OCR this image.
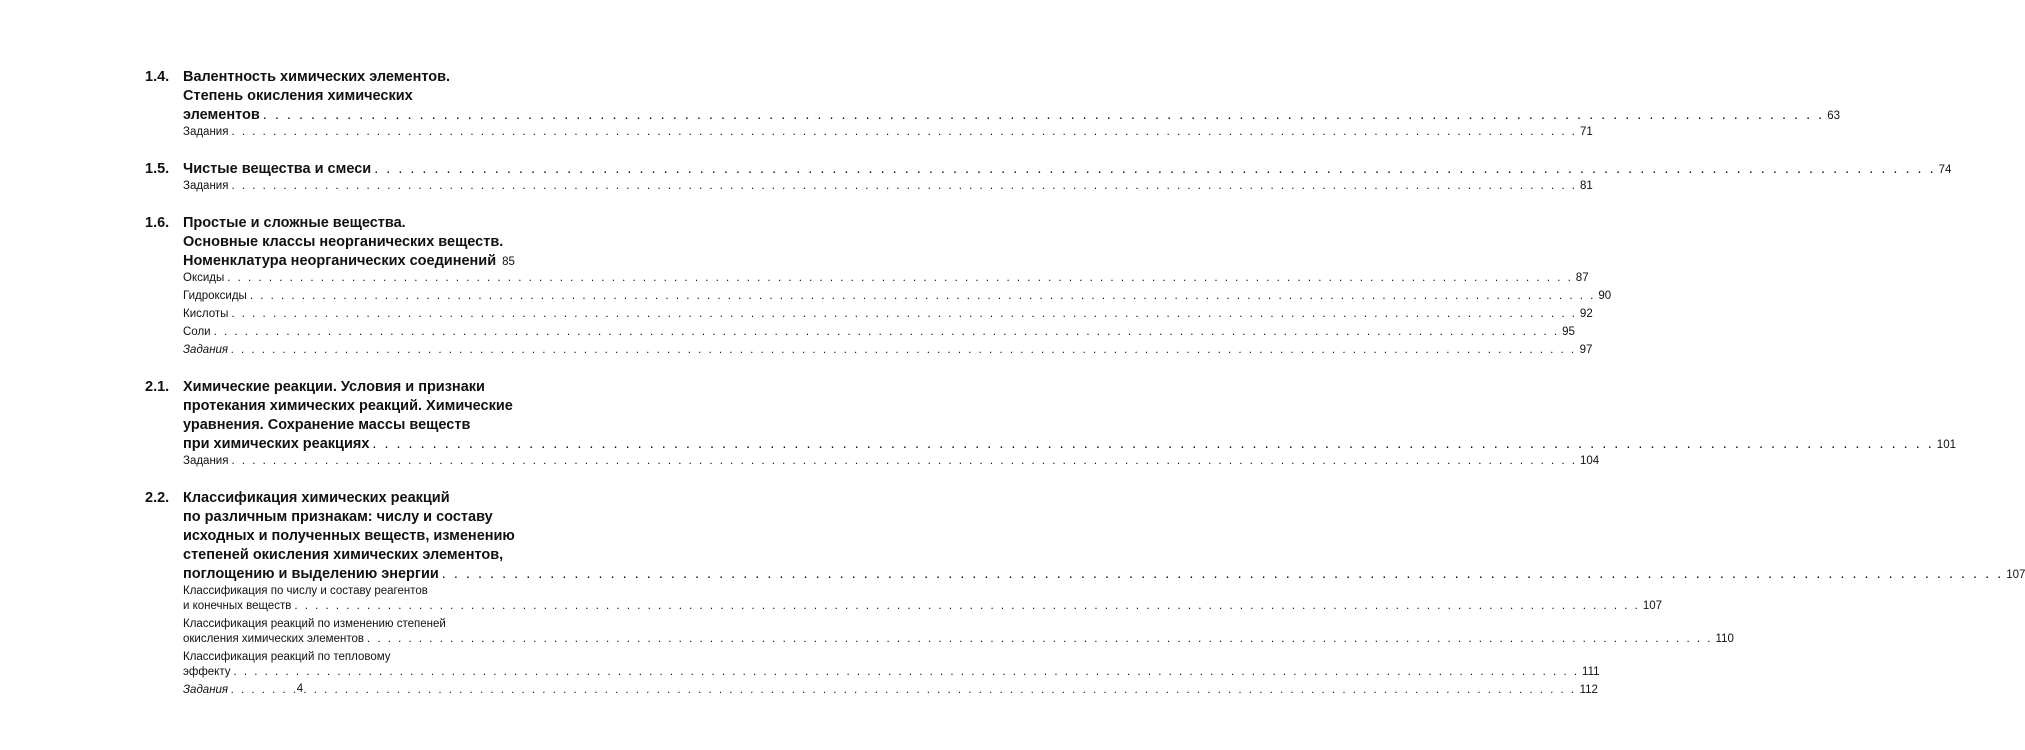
1.4. Валентность химических элементов.
Степень окисления химических
элементов . . .	63
Задания . . .	71
1.5. Чистые вещества и смеси . . .	74
Задания . . .	81
1.6. Простые и сложные вещества.
Основные классы неорганических веществ.
Номенклатура неорганических соединений 85
Оксиды . . .	87
Гидроксиды . . .	90
Кислоты . . .	92
Соли . . .	95
Задания . . .	97
2.1. Химические реакции. Условия и признаки
протекания химических реакций. Химические
уравнения. Сохранение массы веществ
при химических реакциях . . .	101
Задания . . .	104
2.2. Классификация химических реакций
по различным признакам: числу и составу
исходных и полученных веществ, изменению
степеней окисления химических элементов,
поглощению и выделению энергии . . .	107
Классификация по числу и составу реагентов
и конечных веществ . . .	107
Классификация реакций по изменению степеней
окисления химических элементов . . .	110
Классификация реакций по тепловому
эффекту . . .	111
Задания . . .	112
4
